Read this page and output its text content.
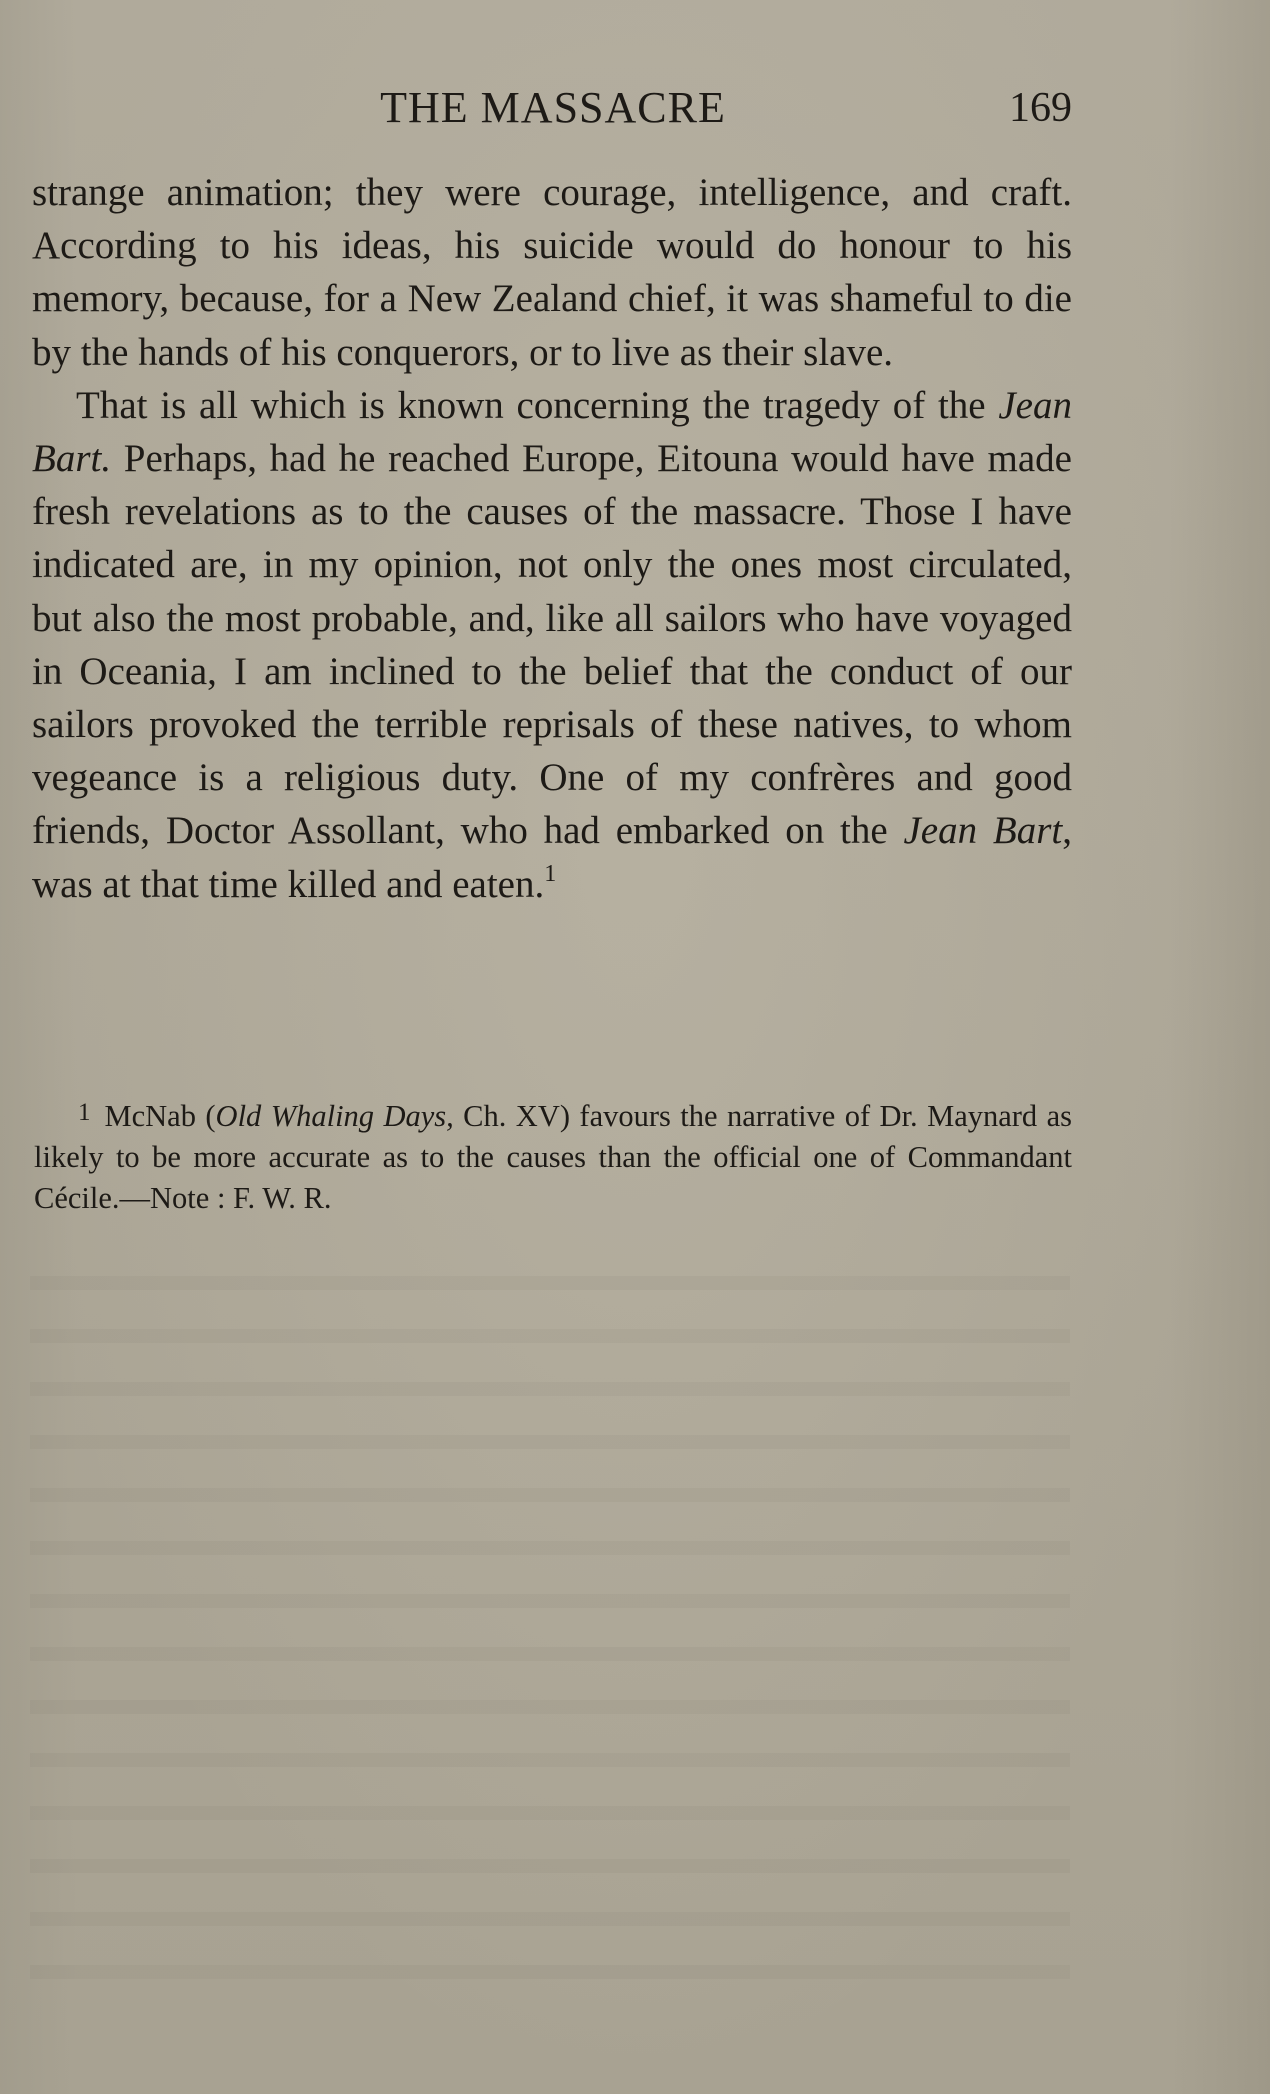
THE MASSACRE	169

strange animation; they were courage, intelligence, and craft. According to his ideas, his suicide would do honour to his memory, because, for a New Zealand chief, it was shameful to die by the hands of his conquerors, or to live as their slave.

That is all which is known concerning the tragedy of the Jean Bart. Perhaps, had he reached Europe, Eitouna would have made fresh revelations as to the causes of the massacre. Those I have indicated are, in my opinion, not only the ones most circulated, but also the most probable, and, like all sailors who have voyaged in Oceania, I am inclined to the belief that the conduct of our sailors provoked the terrible reprisals of these natives, to whom vegeance is a religious duty. One of my confrères and good friends, Doctor Assollant, who had embarked on the Jean Bart, was at that time killed and eaten.$^1$

1 McNab (Old Whaling Days, Ch. XV) favours the narrative of Dr. Maynard as likely to be more accurate as to the causes than the official one of Commandant Cécile.—Note : F. W. R.
